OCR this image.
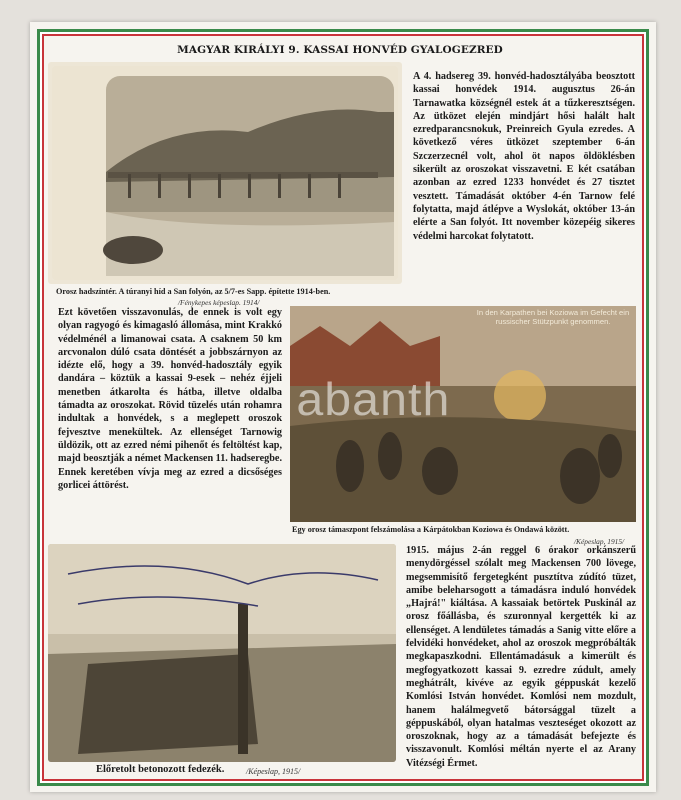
MAGYAR KIRÁLYI 9. KASSAI HONVÉD GYALOGEZRED
Orosz hadszíntér. A túranyi híd a San folyón, az 5/7-es Sapp. építette 1914-ben.
/Fénykepes képeslap. 1914/

A 4. hadsereg 39. honvéd-hadosztályába beosztott kassai honvédek 1914. augusztus 26-án Tarnawatka községnél estek át a tűzkeresztségen. Az ütközet elején mindjárt hősi halált halt ezredparancsnokuk, Preinreich Gyula ezredes. A következő véres ütközet szeptember 6-án Szczerzecnél volt, ahol öt napos öldöklésben sikerült az oroszokat visszavetni. E két csatában azonban az ezred 1233 honvédet és 27 tisztet vesztett. Támadását október 4-én Tarnow felé folytatta, majd átlépve a Wyslokát, október 13-án elérte a San folyót. Itt november közepéig sikeres védelmi harcokat folytatott.

In den Karpathen bei Koziowa im Gefecht ein russischer Stützpunkt genommen.
Egy orosz támaszpont felszámolása a Kárpátokban Koziowa és Ondawá között.
/Képeslap, 1915/

Ezt követően visszavonulás, de ennek is volt egy olyan ragyogó és kimagasló állomása, mint Krakkó védelménél a limanowai csata. A csaknem 50 km arcvonalon dúló csata döntését a jobbszárnyon az idézte elő, hogy a 39. honvéd-hadosztály egyik dandára – köztük a kassai 9-esek – nehéz éjjeli menetben átkarolta és hátba, illetve oldalba támadta az oroszokat. Rövid tüzelés után rohamra indultak a honvédek, s a meglepett oroszok fejvesztve menekültek. Az ellenséget Tarnowig üldözik, ott az ezred némi pihenőt és feltöltést kap, majd beosztják a német Mackensen 11. hadseregbe. Ennek keretében vívja meg az ezred a dicsőséges gorlicei áttörést.

Előretolt betonozott fedezék.	/Képeslap, 1915/

1915. május 2-án reggel 6 órakor orkánszerű menydörgéssel szólalt meg Mackensen 700 lövege, megsemmisítő fergetegként pusztítva zúdító tüzet, amibe beleharsogott a támadásra induló honvédek „Hajrá!" kiáltása. A kassaiak betörtek Puskinál az orosz főállásba, és szuronnyal kergették ki az ellenséget. A lendületes támadás a Sanig vitte előre a felvidéki honvédeket, ahol az oroszok megpróbálták megkapaszkodni. Ellentámadásuk a kimerült és megfogyatkozott kassai 9. ezredre zúdult, amely meghátrált, kivéve az egyik géppuskát kezelő Komlósi István honvédet. Komlósi nem mozdult, hanem halálmegvető bátorsággal tüzelt a géppuskából, olyan hatalmas veszteséget okozott az oroszoknak, hogy az a támadását befejezte és visszavonult. Komlósi méltán nyerte el az Arany Vitézségi Érmet.

abanth
